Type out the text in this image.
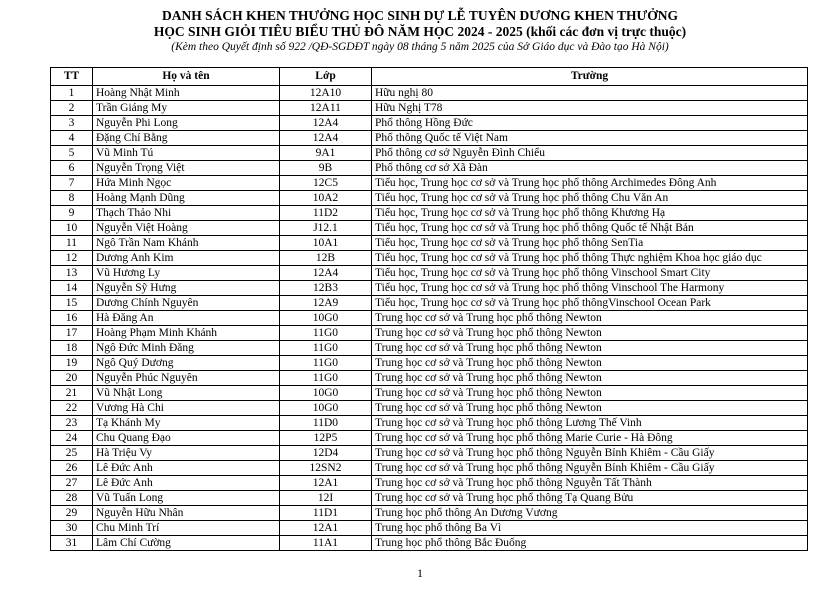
DANH SÁCH KHEN THƯỞNG HỌC SINH DỰ LỄ TUYÊN DƯƠNG KHEN THƯỞNG
HỌC SINH GIỎI TIÊU BIỂU THỦ ĐÔ NĂM HỌC 2024 - 2025 (khối các đơn vị trực thuộc)
(Kèm theo Quyết định số 922 /QĐ-SGDĐT ngày 08 tháng 5 năm 2025 của Sở Giáo dục và Đào tạo Hà Nội)
TT	Họ và tên	Lớp	Trường
1	Hoàng Nhật Minh	12A10	Hữu nghị 80
2	Trần Giáng My	12A11	Hữu Nghị T78
3	Nguyễn Phi Long	12A4	Phổ thông Hồng Đức
4	Đặng Chí Bằng	12A4	Phổ thông Quốc tế Việt Nam
5	Vũ Minh Tú	9A1	Phổ thông cơ sở Nguyễn Đình Chiểu
6	Nguyễn Trọng Việt	9B	Phổ thông cơ sở Xã Đàn
7	Hứa Minh Ngọc	12C5	Tiểu học, Trung học cơ sở và Trung học phổ thông Archimedes Đông Anh
8	Hoàng Mạnh Dũng	10A2	Tiểu học, Trung học cơ sở và Trung học phổ thông Chu Văn An
9	Thạch Thảo Nhi	11D2	Tiểu học, Trung học cơ sở và Trung học phổ thông Khương Hạ
10	Nguyễn Việt Hoàng	J12.1	Tiểu học, Trung học cơ sở và Trung học phổ thông Quốc tế Nhật Bản
11	Ngô Trần Nam Khánh	10A1	Tiểu học, Trung học cơ sở và Trung học phổ thông SenTia
12	Dương Anh Kim	12B	Tiểu học, Trung học cơ sở và Trung học phổ thông Thực nghiệm Khoa học giáo dục
13	Vũ Hương Ly	12A4	Tiểu học, Trung học cơ sở và Trung học phổ thông Vinschool Smart City
14	Nguyễn Sỹ Hưng	12B3	Tiểu học, Trung học cơ sở và Trung học phổ thông Vinschool The Harmony
15	Dương Chính Nguyên	12A9	Tiểu học, Trung học cơ sở và Trung học phổ thôngVinschool Ocean Park
16	Hà Đăng An	10G0	Trung học cơ sở và Trung học phổ thông Newton
17	Hoàng Phạm Minh Khánh	11G0	Trung học cơ sở và Trung học phổ thông Newton
18	Ngô Đức Minh Đăng	11G0	Trung học cơ sở và Trung học phổ thông Newton
19	Ngô Quý Dương	11G0	Trung học cơ sở và Trung học phổ thông Newton
20	Nguyễn Phúc Nguyên	11G0	Trung học cơ sở và Trung học phổ thông Newton
21	Vũ Nhật Long	10G0	Trung học cơ sở và Trung học phổ thông Newton
22	Vương Hà Chi	10G0	Trung học cơ sở và Trung học phổ thông Newton
23	Tạ Khánh My	11D0	Trung học cơ sở và Trung học phổ thông Lương Thế Vinh
24	Chu Quang Đạo	12P5	Trung học cơ sở và Trung học phổ thông Marie Curie - Hà Đông
25	Hà Triệu Vy	12D4	Trung học cơ sở và Trung học phổ thông Nguyễn Bỉnh Khiêm - Cầu Giấy
26	Lê Đức Anh	12SN2	Trung học cơ sở và Trung học phổ thông Nguyễn Bỉnh Khiêm - Cầu Giấy
27	Lê Đức Anh	12A1	Trung học cơ sở và Trung học phổ thông Nguyễn Tất Thành
28	Vũ Tuấn Long	12I	Trung học cơ sở và Trung học phổ thông Tạ Quang Bửu
29	Nguyễn Hữu Nhân	11D1	Trung học phổ thông An Dương Vương
30	Chu Minh Trí	12A1	Trung học phổ thông Ba Vì
31	Lâm Chí Cường	11A1	Trung học phổ thông Bắc Đuống
1
